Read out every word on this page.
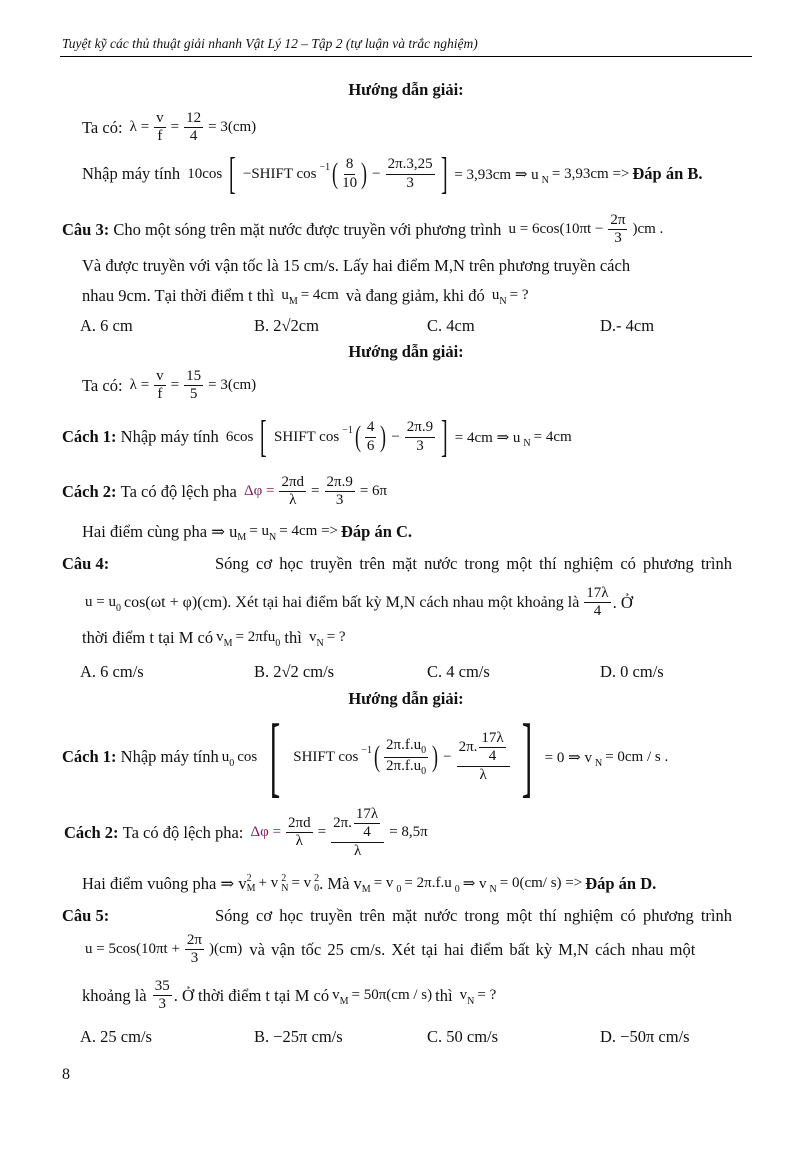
Tuyệt kỹ các thủ thuật giải nhanh Vật Lý 12 – Tập 2 (tự luận và trắc nghiệm)
Hướng dẫn giải:
Ta có:
$\lambda = \frac{v}{f} = \frac{12}{4} = 3(cm)$
Nhập máy tính
10cos [ −SHIFT cos $^{-1}$ ( $\frac{8}{10}$ ) − $\frac{2\pi.3,25}{3}$ ] = 3,93cm ⇒ u $_N$ = 3,93cm => Đáp án B.
Câu 3:
Cho một sóng trên mặt nước được truyền với phương trình
$u = 6\cos(10\pi t - \frac{2\pi}{3} )cm$ .
Và được truyền với vận tốc là 15 cm/s. Lấy hai điểm M,N trên phương truyền cách
nhau 9cm. Tại thời điểm t thì
$u_M = 4cm$
và đang giảm, khi đó
$u_N$ = ?
A. 6 cm	B. 2√2cm	C. 4cm	D.- 4cm
Hướng dẫn giải:
Ta có:
$\lambda = \frac{v}{f} = \frac{15}{5} = 3(cm)$
Cách 1:
Nhập máy tính
6cos [ SHIFT cos $^{-1}$ ( $\frac{4}{6}$ ) − $\frac{2\pi.9}{3}$ ] = 4cm ⇒ u $_N$ = 4cm
Cách 2:
Ta có độ lệch pha
$\Delta\varphi = \frac{2\pi d}{\lambda} = \frac{2\pi.9}{3} = 6\pi$
Hai điểm cùng pha ⇒ $u_M = u_N = 4cm$ => Đáp án C.
Câu 4:	Sóng cơ học truyền trên mặt nước trong một thí nghiệm có phương trình
$u = u_0$ cos(ωt + φ)(cm). Xét tại hai điểm bất kỳ M,N cách nhau một khoảng là $\frac{17\lambda}{4}$ . Ở
thời điểm t tại M có $v_M = 2\pi fu_0$
thì
$v_N$ = ?
A. 6 cm/s	B. 2√2 cm/s	C. 4 cm/s	D. 0 cm/s
Hướng dẫn giải:
Cách 1:
Nhập máy tính $u_0$ cos [ SHIFT cos $^{-1}$ ( $\frac{2\pi.f.u_0}{2\pi.f.u_0}$ ) − $\frac{2\pi. \frac{17\lambda}{4}}{\lambda}$ ] = 0 ⇒ v $_N$ = 0cm / s .
Cách 2:
Ta có độ lệch pha:
$\Delta\varphi = \frac{2\pi d}{\lambda} = \frac{2\pi. \frac{17\lambda}{4}}{\lambda} = 8,5\pi$
Hai điểm vuông pha ⇒ v 2
M + v 2
N = v 2
0 . Mà $v_M = v$ $_0$ = 2π.f.u $_0$ ⇒ v $_N$ = 0(cm/ s) => Đáp án D.
Câu 5:	Sóng cơ học truyền trên mặt nước trong một thí nghiệm có phương trình
$u = 5\cos(10\pi t + \frac{2\pi}{3} )(cm)$
và vận tốc 25 cm/s. Xét tại hai điểm bất kỳ M,N cách nhau một
khoảng là
$\frac{35}{3}$ . Ở thời điểm t tại M có $v_M = 50\pi(cm / s)$ thì
$v_N$ = ?
A. 25 cm/s	B. −25π cm/s	C. 50 cm/s	D. −50π cm/s
8
